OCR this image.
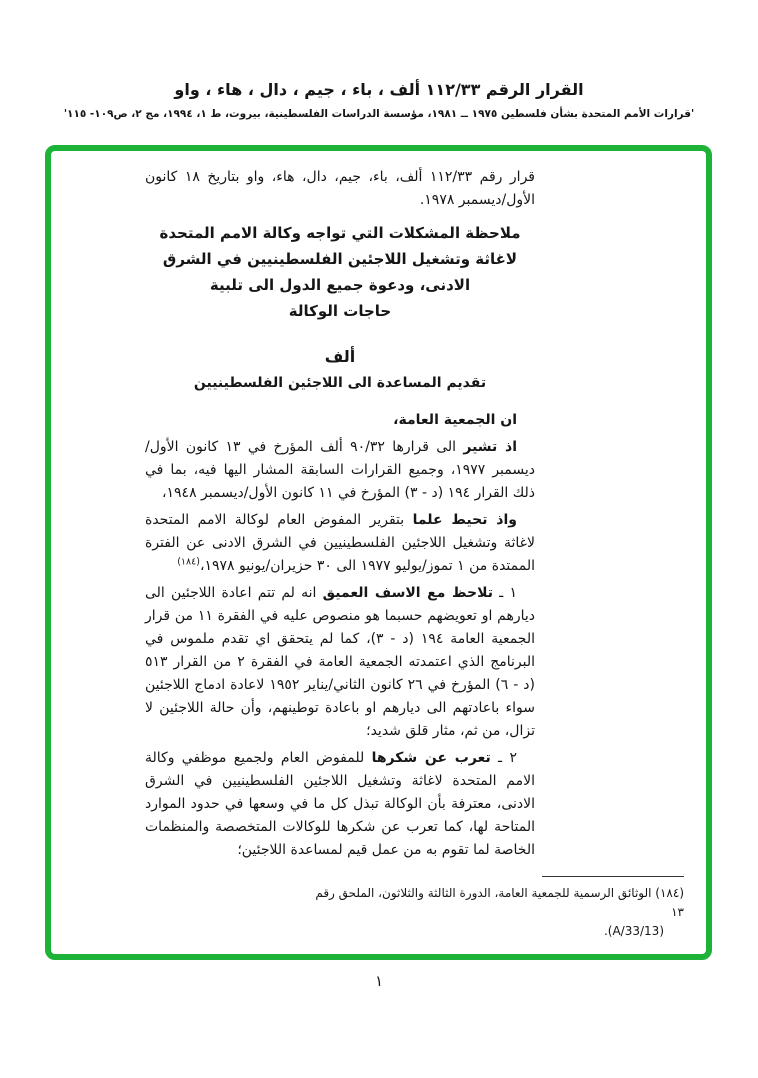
القرار الرقم ١١٢/٣٣ ألف ، باء ، جيم ، دال ، هاء ، واو
'قرارات الأمم المتحدة بشأن فلسطين ١٩٧٥ ــ ١٩٨١، مؤسسة الدراسات الفلسطينية، بيروت، ط ١، ١٩٩٤، مج ٢، ص١٠٩- ١١٥'

قرار رقم ١١٢/٣٣ ألف، باء، جيم، دال، هاء، واو بتاريخ ١٨ كانون الأول/ديسمبر ١٩٧٨.

ملاحظة المشكلات التي تواجه وكالة الامم المتحدة
لاغاثة وتشغيل اللاجئين الفلسطينيين في الشرق
الادنى، ودعوة جميع الدول الى تلبية
حاجات الوكالة
ألف
تقديم المساعدة الى اللاجئين الفلسطينيين

ان الجمعية العامة،

اذ تشير الى قرارها ٩٠/٣٢ ألف المؤرخ في ١٣ كانون الأول/ديسمبر ١٩٧٧، وجميع القرارات السابقة المشار اليها فيه، بما في ذلك القرار ١٩٤ (د - ٣) المؤرخ في ١١ كانون الأول/ديسمبر ١٩٤٨،

واذ تحيط علما بتقرير المفوض العام لوكالة الامم المتحدة لاغاثة وتشغيل اللاجئين الفلسطينيين في الشرق الادنى عن الفترة الممتدة من ١ تموز/يوليو ١٩٧٧ الى ٣٠ حزيران/يونيو ١٩٧٨،$^{(١٨٤)}$

١ ـ تلاحظ مع الاسف العميق انه لم تتم اعادة اللاجئين الى ديارهم او تعويضهم حسبما هو منصوص عليه في الفقرة ١١ من قرار الجمعية العامة ١٩٤ (د - ٣)، كما لم يتحقق اي تقدم ملموس في البرنامج الذي اعتمدته الجمعية العامة في الفقرة ٢ من القرار ٥١٣ (د - ٦) المؤرخ في ٢٦ كانون الثاني/يناير ١٩٥٢ لاعادة ادماج اللاجئين سواء باعادتهم الى ديارهم او باعادة توطينهم، وأن حالة اللاجئين لا تزال، من ثم، مثار قلق شديد؛

٢ ـ تعرب عن شكرها للمفوض العام ولجميع موظفي وكالة الامم المتحدة لاغاثة وتشغيل اللاجئين الفلسطينيين في الشرق الادنى، معترفة بأن الوكالة تبذل كل ما في وسعها في حدود الموارد المتاحة لها، كما تعرب عن شكرها للوكالات المتخصصة والمنظمات الخاصة لما تقوم به من عمل قيم لمساعدة اللاجئين؛

(١٨٤) الوثائق الرسمية للجمعية العامة، الدورة الثالثة والثلاثون، الملحق رقم ١٣
(A/33/13).
١
